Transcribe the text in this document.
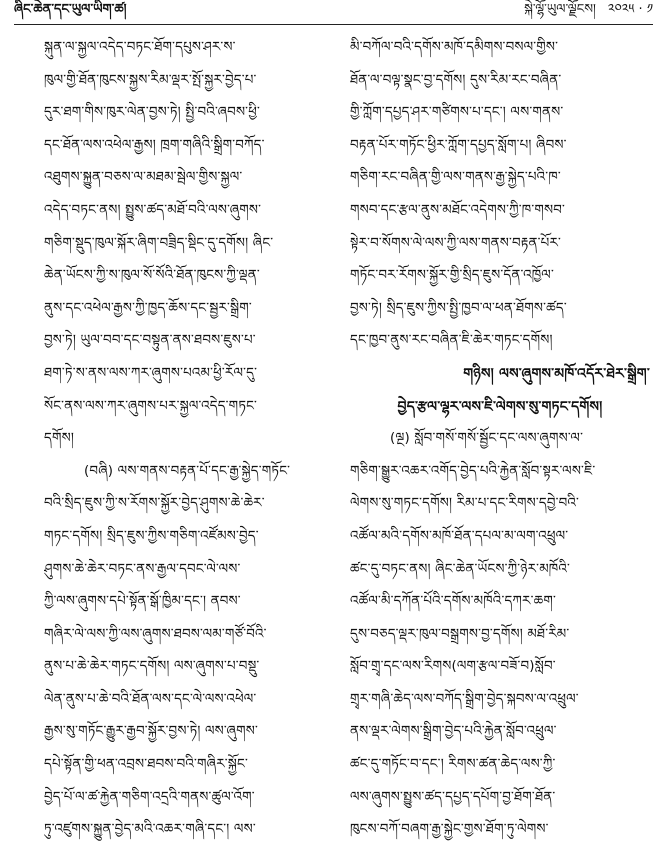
ཞིང་ཆེན་དང་ཡུལ་ཡིག་ཚ།	སྐེ་ལྷོ་ཡུལ་ལྗོངས། ༢༠༢༥ · ༡
སྐུན་ལ་སྐྱལ་འདེད་བཏང་ཐོག་དཔུས་ཤར་ས་
ཁུལ་གྱི་ཐོན་ཁུངས་སྐྱས་རིམ་ལྡར་སྤོ་སྐྱར་བྱེད་པ་
དུར་ཐག་གིས་ཁུར་ལེན་བྱས་ཏེ། སྤྱི་བའི་ཞབས་ཕྱི་
དང་ཐོན་ལས་འཕེལ་རྒྱས། ཁྲག་གཞིའི་སྒྲིག་བཀོད་
འཐུགས་སྐྱུན་བཅས་ལ་མཐམ་སྦེལ་གྱིས་སྐྱལ་
འདེད་བཏང་ནས། སྤྱུས་ཚད་མཐོ་བའི་ལས་ཞུགས་
གཅིག་སྡུད་ཁུལ་སྐོར་ཞིག་བཟྲིད་སྡིང་དུ་དགོས། ཞིང་
ཆེན་ཡོངས་ཀྱི་ས་ཁུལ་སོ་སོའི་ཐོན་ཁུངས་ཀྱི་ལྡན་
ནུས་དང་འཕེལ་རྒྱས་ཀྱི་ཁྱད་ཆོས་དང་སྦྱར་སྒྲིག་
བྱས་ཏེ། ཡུལ་བབ་དང་བསྟུན་ནས་ཐབས་ཇུས་པ་
ཐག་ཏེ་ས་ནས་ལས་ཀར་ཞུགས་པའམ་ཕྱི་རོལ་དུ་
སོང་ནས་ལས་ཀར་ཞུགས་པར་སྐྱལ་འདེད་གཏང་
དགོས།
(བཞི) ལས་གནས་བརྟན་པོ་དང་རྒྱ་སྐྱེད་གཏོང་
བའི་སྲིད་ཇུས་ཀྱི་ས་རོགས་སྐྱོར་བྱེད་ཤུགས་ཆེ་ཆེར་
གཏང་དགོས། སྲིད་ཇུས་ཀྱིས་གཅིག་འཛོམས་བྱེད་
ཤུགས་ཆེ་ཆེར་བཏང་ནས་རྒྱལ་དབང་ལེ་ལས་
ཀྱི་ལས་ཞུགས་དཔེ་སྟོན་སྒོ་ཁྱིམ་དང་། ནབས་
གཞིར་ལེ་ལས་ཀྱི་ལས་ཞུགས་ཐབས་ལམ་གཙོ་བོའི་
ནུས་པ་ཆེ་ཆེར་གཏང་དགོས། ལས་ཞུགས་པ་བསྡུ་
ལེན་ནུས་པ་ཆེ་བའི་ཐོན་ལས་དང་ལེ་ལས་འཕེལ་
རྒྱས་སུ་གཏོང་རྒྱུར་རྒྱབ་སྐྱོར་བྱས་ཏེ། ལས་ཞུགས་
དཔེ་སྟོན་གྱི་ཕན་འབྲས་ཐབས་བའི་གཞིར་སྐྱོང་
བྱེད་པོ་ལ་ཚ་རྐྱེན་གཅིག་འདྲའི་གནས་ཚུལ་འོག་
ཏུ་འཛུགས་སྐྱུན་བྱེད་མའི་འཆར་གཞི་དང་། ལས་
མི་བཀོལ་བའི་དགོས་མཁོ་དམིགས་བསལ་གྱིས་
ཐོན་ལ་བལྟ་སྣང་བྱ་དགོས། དུས་རིམ་རང་བཞིན་
གྱི་ཀློག་དཔྱད་ཤར་གཙིགས་པ་དང་། ལས་གནས་
བརྟན་པོར་གཏོང་ཕྱིར་ཀློག་དཔྱད་སློག་པ། ཞིབས་
གཅིག་རང་བཞིན་གྱི་ལས་གནས་རྒྱ་སྐྱེད་པའི་ཁ་
གསབ་དང་རྩལ་ནུས་མཐོང་འདེགས་ཀྱི་ཁ་གསབ་
སྟེར་བ་སོགས་ལེ་ལས་ཀྱི་ལས་གནས་བརྟན་པོར་
གཏོང་བར་རོགས་སྐྱོར་གྱི་སྲིད་ཇུས་དོན་འཁྱོལ་
བྱས་ཏེ། སྲིད་ཇུས་ཀྱིས་སྤྱི་ཁྱབ་ལ་ཕན་ཐོགས་ཚད་
དང་ཁྱབ་ནུས་རང་བཞིན་ཇི་ཆེར་གཏང་དགོས།
གཉིས། ལས་ཞུགས་མཁོ་འདོར་ཐེར་སྒྲིག་
བྱེད་རྩལ་ལྷར་ལས་ཇི་ལེགས་སུ་གཏང་དགོས།
(ལྔ) སློབ་གསོ་གསོ་སྦྱོང་དང་ལས་ཞུགས་ལ་
གཅིག་སྒྱུར་འཆར་འགོད་བྱེད་པའི་རྐྱེན་སློབ་སྟར་ལས་ཇི་
ལེགས་སུ་གཏང་དགོས། རིམ་པ་དང་རིགས་དབྱེ་བའི་
འཚོལ་མའི་དགོས་མཁོ་ཐོན་དཔལ་མ་ལག་འཕྲུལ་
ཚང་དུ་བཏང་ནས། ཞིང་ཆེན་ཡོངས་ཀྱི་ཉེར་མཁོའི་
འཚོལ་མི་དཀོན་པོའི་དགོས་མཁོའི་དཀར་ཆག་
དུས་བཅད་ལྡར་ཁུལ་བསྒྲགས་བྱ་དགོས། མཐོ་རིམ་
སློབ་གྲྭ་དང་ལས་རིགས(ལག་རྩལ་བཟོ་བ)སློབ་
གྲྭར་གཞི་ཆེད་ལས་བཀོད་སྒྲིག་བྱེད་སྐབས་ལ་འཕྲུལ་
ནས་ལྡར་ལེགས་སྒྲིག་བྱེད་པའི་རྐྱེན་སློབ་འཕྲུལ་
ཚང་དུ་གཏོང་བ་དང་། རིགས་ཚན་ཆེད་ལས་ཀྱི་
ལས་ཞུགས་སྤྱུས་ཚད་དཔྱད་དཔོག་བྱ་ཐོག་ཐོན་
ཁུངས་བཀོ་བཞག་རྒྱ་སྐྱེང་གྱས་ཐོག་ཏུ་ལེགས་
